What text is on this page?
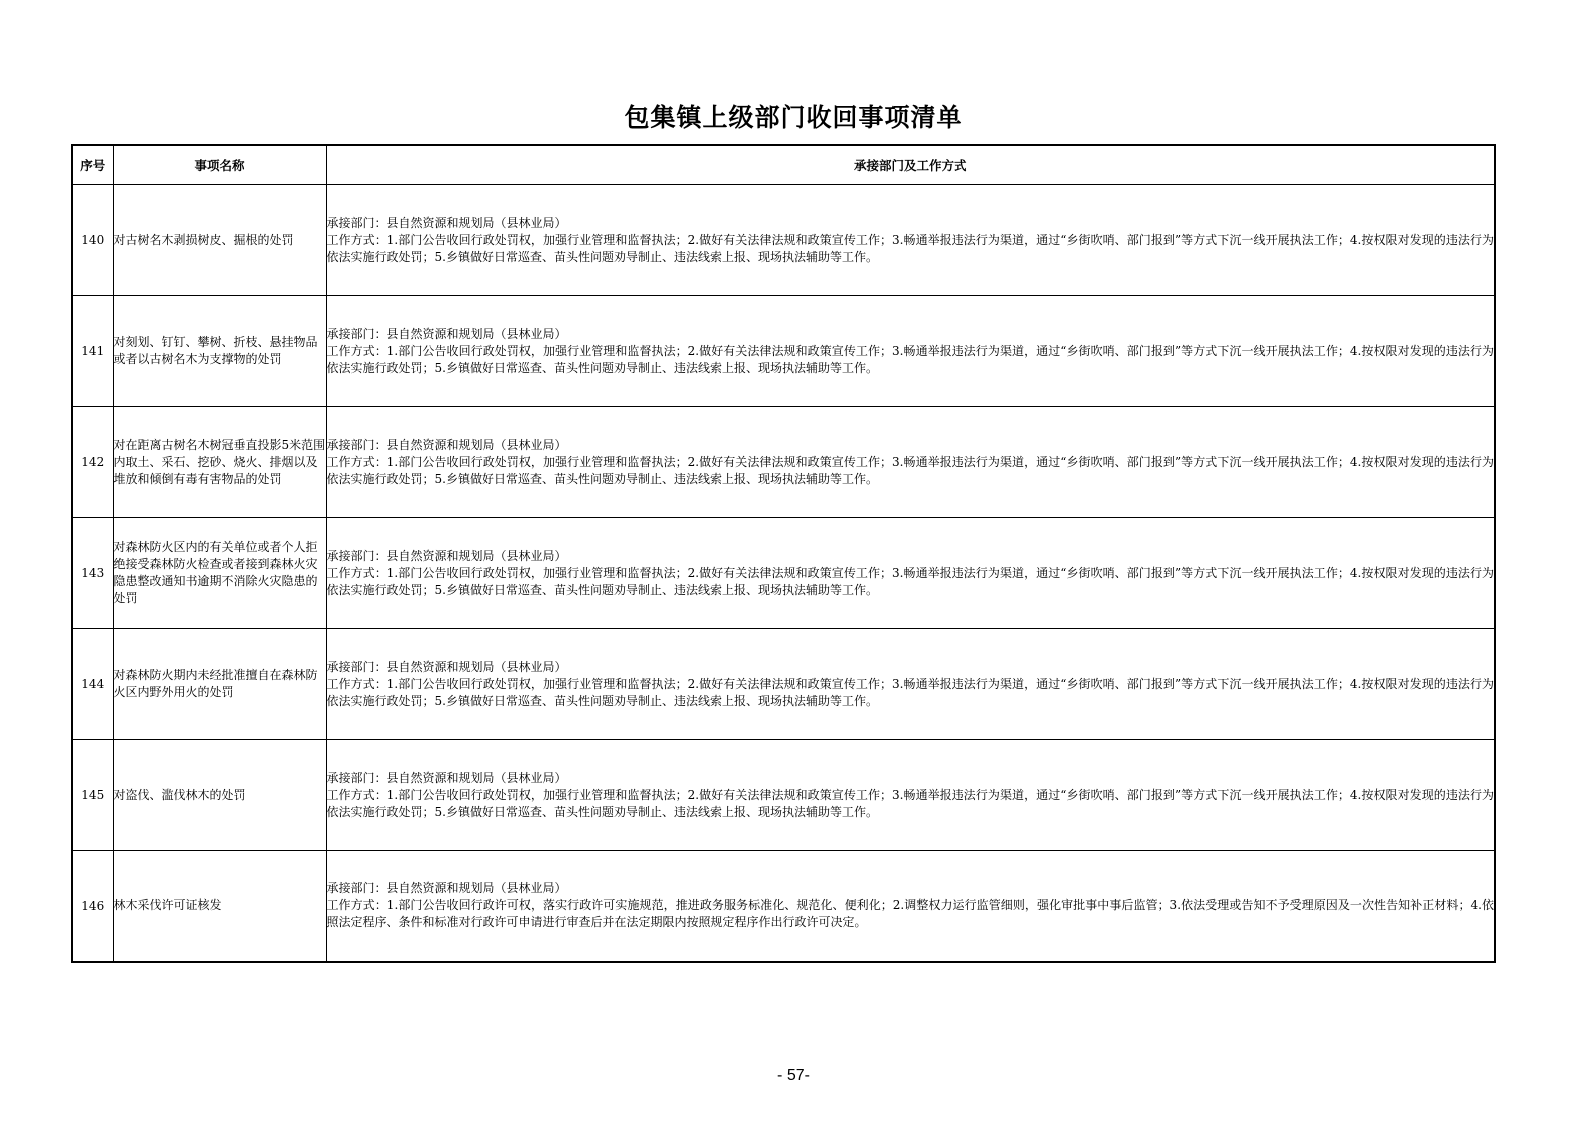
包集镇上级部门收回事项清单
序号	事项名称	承接部门及工作方式
140	对古树名木剥损树皮、掘根的处罚	承接部门：县自然资源和规划局（县林业局）
工作方式：1.部门公告收回行政处罚权，加强行业管理和监督执法；2.做好有关法律法规和政策宣传工作；3.畅通举报违法行为渠道，通过“乡街吹哨、部门报到”等方式下沉一线开展执法工作；4.按权限对发现的违法行为依法实施行政处罚；5.乡镇做好日常巡查、苗头性问题劝导制止、违法线索上报、现场执法辅助等工作。

141	对刻划、钉钉、攀树、折枝、悬挂物品或者以古树名木为支撑物的处罚	承接部门：县自然资源和规划局（县林业局）
工作方式：1.部门公告收回行政处罚权，加强行业管理和监督执法；2.做好有关法律法规和政策宣传工作；3.畅通举报违法行为渠道，通过“乡街吹哨、部门报到”等方式下沉一线开展执法工作；4.按权限对发现的违法行为依法实施行政处罚；5.乡镇做好日常巡查、苗头性问题劝导制止、违法线索上报、现场执法辅助等工作。

142	对在距离古树名木树冠垂直投影5米范围内取土、采石、挖砂、烧火、排烟以及堆放和倾倒有毒有害物品的处罚	承接部门：县自然资源和规划局（县林业局）
工作方式：1.部门公告收回行政处罚权，加强行业管理和监督执法；2.做好有关法律法规和政策宣传工作；3.畅通举报违法行为渠道，通过“乡街吹哨、部门报到”等方式下沉一线开展执法工作；4.按权限对发现的违法行为依法实施行政处罚；5.乡镇做好日常巡查、苗头性问题劝导制止、违法线索上报、现场执法辅助等工作。

143	对森林防火区内的有关单位或者个人拒绝接受森林防火检查或者接到森林火灾隐患整改通知书逾期不消除火灾隐患的处罚	承接部门：县自然资源和规划局（县林业局）
工作方式：1.部门公告收回行政处罚权，加强行业管理和监督执法；2.做好有关法律法规和政策宣传工作；3.畅通举报违法行为渠道，通过“乡街吹哨、部门报到”等方式下沉一线开展执法工作；4.按权限对发现的违法行为依法实施行政处罚；5.乡镇做好日常巡查、苗头性问题劝导制止、违法线索上报、现场执法辅助等工作。

144	对森林防火期内未经批准擅自在森林防火区内野外用火的处罚	承接部门：县自然资源和规划局（县林业局）
工作方式：1.部门公告收回行政处罚权，加强行业管理和监督执法；2.做好有关法律法规和政策宣传工作；3.畅通举报违法行为渠道，通过“乡街吹哨、部门报到”等方式下沉一线开展执法工作；4.按权限对发现的违法行为依法实施行政处罚；5.乡镇做好日常巡查、苗头性问题劝导制止、违法线索上报、现场执法辅助等工作。

145	对盗伐、滥伐林木的处罚	承接部门：县自然资源和规划局（县林业局）
工作方式：1.部门公告收回行政处罚权，加强行业管理和监督执法；2.做好有关法律法规和政策宣传工作；3.畅通举报违法行为渠道，通过“乡街吹哨、部门报到”等方式下沉一线开展执法工作；4.按权限对发现的违法行为依法实施行政处罚；5.乡镇做好日常巡查、苗头性问题劝导制止、违法线索上报、现场执法辅助等工作。

146	林木采伐许可证核发	承接部门：县自然资源和规划局（县林业局）
工作方式：1.部门公告收回行政许可权，落实行政许可实施规范，推进政务服务标准化、规范化、便利化；2.调整权力运行监管细则，强化审批事中事后监管；3.依法受理或告知不予受理原因及一次性告知补正材料；4.依照法定程序、条件和标准对行政许可申请进行审查后并在法定期限内按照规定程序作出行政许可决定。
- 57-
